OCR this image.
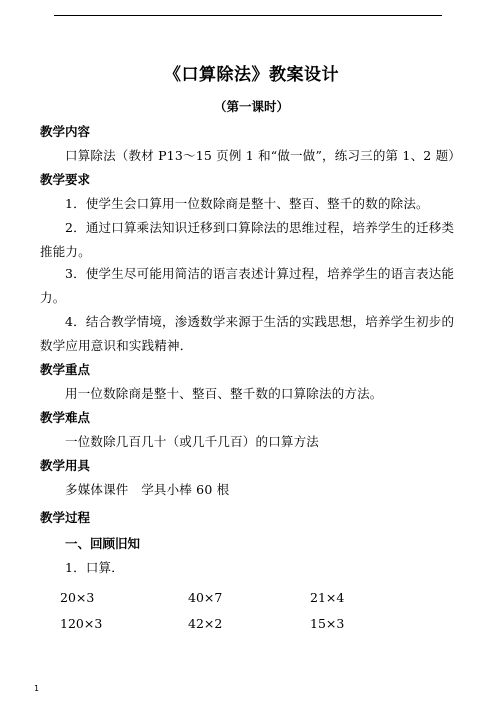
《口算除法》教案设计
（第一课时）
教学内容
口算除法（教材 P13～15 页例 1 和“做一做”，练习三的第 1、2 题）
教学要求
1．使学生会口算用一位数除商是整十、整百、整千的数的除法。
2．通过口算乘法知识迁移到口算除法的思维过程，培养学生的迁移类推能力。
3．使学生尽可能用简洁的语言表述计算过程，培养学生的语言表达能力。
4．结合教学情境，渗透数学来源于生活的实践思想，培养学生初步的数学应用意识和实践精神．
教学重点
用一位数除商是整十、整百、整千数的口算除法的方法。
教学难点
一位数除几百几十（或几千几百）的口算方法
教学用具
多媒体课件　学具小棒 60 根
教学过程
一、回顾旧知
1．口算．
20×3	40×7	21×4
120×3	42×2	15×3
1
